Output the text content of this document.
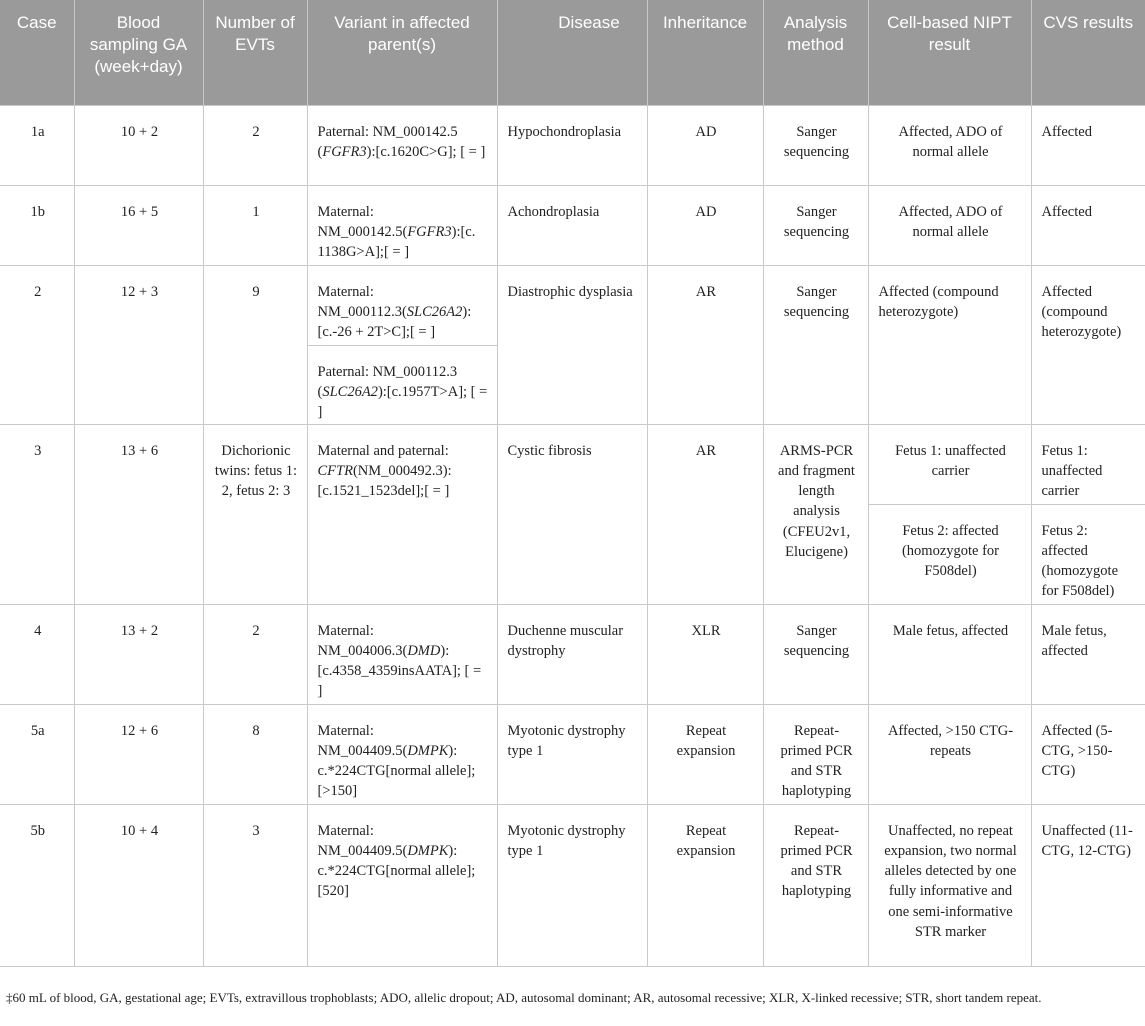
Case	Blood sampling GA (week+day)	Number of EVTs	Variant in affected parent(s)	Disease	Inheritance	Analysis method	Cell-based NIPT result	CVS results
1a	10 + 2	2	Paternal: NM_000142.5 (FGFR3):[c.1620C>G]; [ = ]	Hypochondroplasia	AD	Sanger sequencing	Affected, ADO of normal allele	Affected
1b	16 + 5	1	Maternal: NM_000142.5(FGFR3):[c. 1138G>A];[ = ]	Achondroplasia	AD	Sanger sequencing	Affected, ADO of normal allele	Affected
2	12 + 3	9	Maternal: NM_000112.3(SLC26A2): [c.-26 + 2T>C];[ = ]	Diastrophic dysplasia	AR	Sanger sequencing	Affected (compound heterozygote)	Affected (compound heterozygote)
			Paternal: NM_000112.3 (SLC26A2):[c.1957T>A]; [ = ]					
3	13 + 6	Dichorionic twins: fetus 1: 2, fetus 2: 3	Maternal and paternal: CFTR(NM_000492.3): [c.1521_1523del];[ = ]	Cystic fibrosis	AR	ARMS-PCR and fragment length analysis (CFEU2v1, Elucigene)	Fetus 1: unaffected carrier	Fetus 1: unaffected carrier
							Fetus 2: affected (homozygote for F508del)	Fetus 2: affected (homozygote for F508del)
4	13 + 2	2	Maternal: NM_004006.3(DMD): [c.4358_4359insAATA]; [ = ]	Duchenne muscular dystrophy	XLR	Sanger sequencing	Male fetus, affected	Male fetus, affected
5a	12 + 6	8	Maternal: NM_004409.5(DMPK): c.*224CTG[normal allele];[>150]	Myotonic dystrophy type 1	Repeat expansion	Repeat-primed PCR and STR haplotyping	Affected, >150 CTG-repeats	Affected (5-CTG, >150-CTG)
5b	10 + 4	3	Maternal: NM_004409.5(DMPK): c.*224CTG[normal allele];[520]	Myotonic dystrophy type 1	Repeat expansion	Repeat-primed PCR and STR haplotyping	Unaffected, no repeat expansion, two normal alleles detected by one fully informative and one semi-informative STR marker	Unaffected (11-CTG, 12-CTG)
‡60 mL of blood, GA, gestational age; EVTs, extravillous trophoblasts; ADO, allelic dropout; AD, autosomal dominant; AR, autosomal recessive; XLR, X-linked recessive; STR, short tandem repeat.
